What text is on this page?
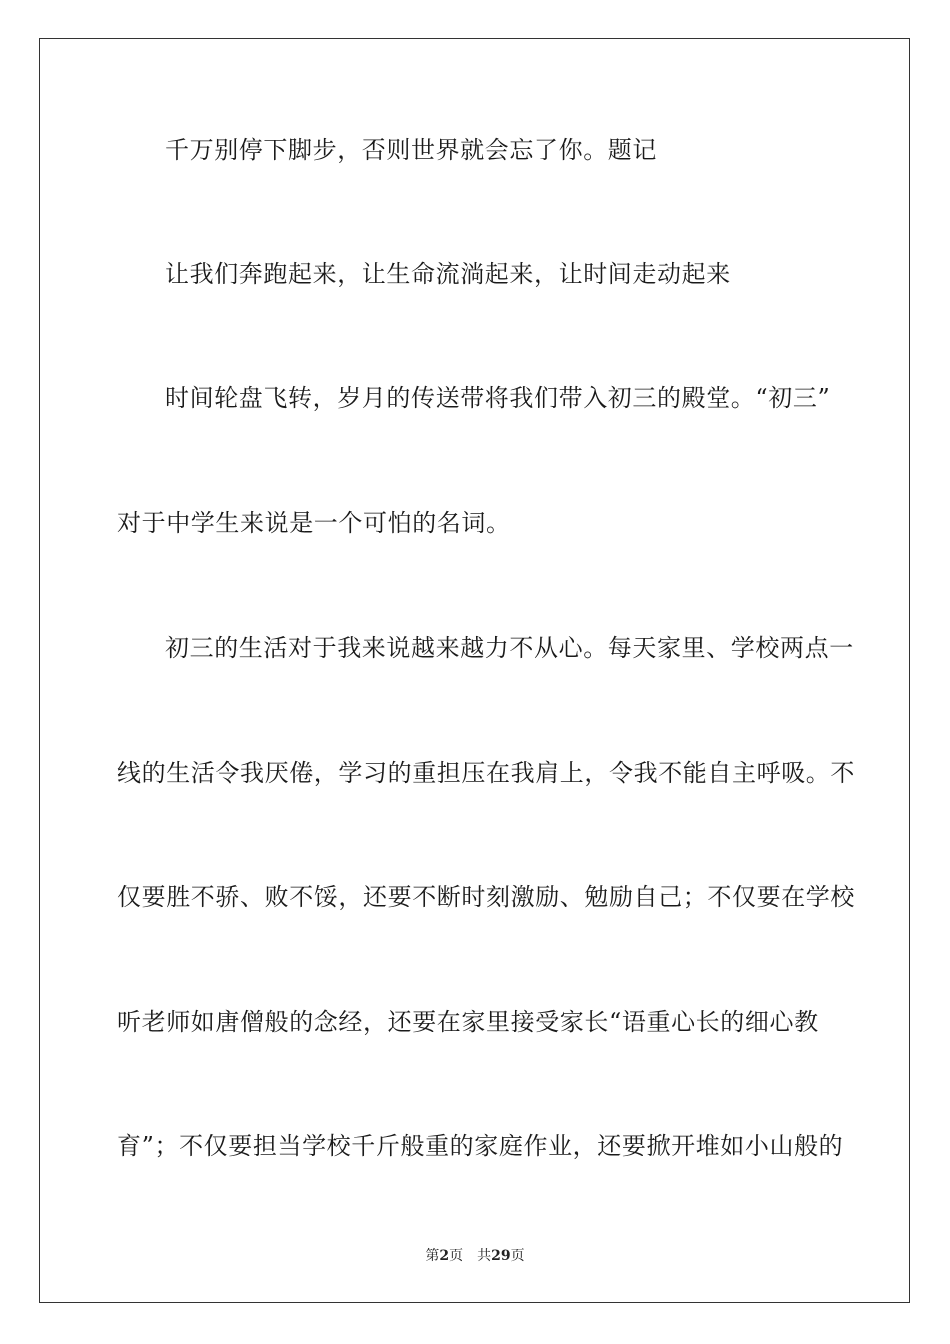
千万别停下脚步，否则世界就会忘了你。题记
让我们奔跑起来，让生命流淌起来，让时间走动起来
时间轮盘飞转，岁月的传送带将我们带入初三的殿堂。“初三”
对于中学生来说是一个可怕的名词。
初三的生活对于我来说越来越力不从心。每天家里、学校两点一
线的生活令我厌倦，学习的重担压在我肩上，令我不能自主呼吸。不
仅要胜不骄、败不馁，还要不断时刻激励、勉励自己；不仅要在学校
听老师如唐僧般的念经，还要在家里接受家长“语重心长的细心教
育”；不仅要担当学校千斤般重的家庭作业，还要掀开堆如小山般的
第2页 共29页
